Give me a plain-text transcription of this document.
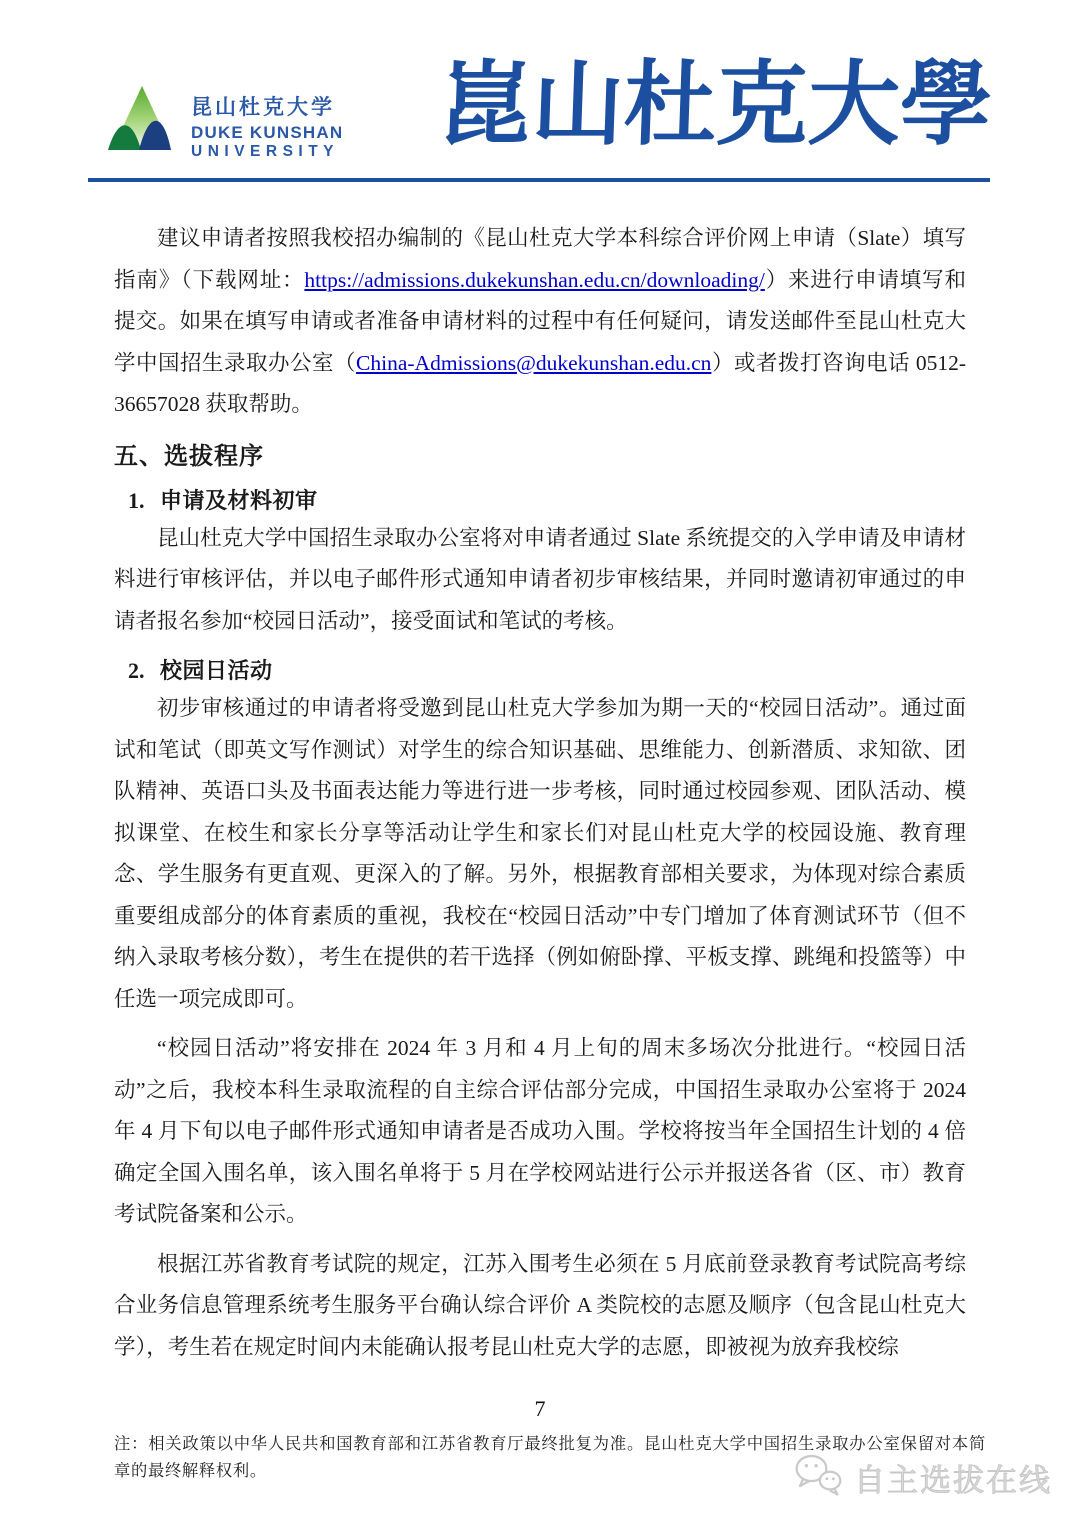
昆山杜克大学
DUKE KUNSHAN
UNIVERSITY 崑山杜克大學

建议申请者按照我校招办编制的《昆山杜克大学本科综合评价网上申请（Slate）填写指南》（下载网址：https://admissions.dukekunshan.edu.cn/downloading/）来进行申请填写和提交。如果在填写申请或者准备申请材料的过程中有任何疑问，请发送邮件至昆山杜克大学中国招生录取办公室（China-Admissions@dukekunshan.edu.cn）或者拨打咨询电话 0512-36657028 获取帮助。

五、选拔程序
1. 申请及材料初审

昆山杜克大学中国招生录取办公室将对申请者通过 Slate 系统提交的入学申请及申请材料进行审核评估，并以电子邮件形式通知申请者初步审核结果，并同时邀请初审通过的申请者报名参加“校园日活动”，接受面试和笔试的考核。

2. 校园日活动

初步审核通过的申请者将受邀到昆山杜克大学参加为期一天的“校园日活动”。通过面试和笔试（即英文写作测试）对学生的综合知识基础、思维能力、创新潜质、求知欲、团队精神、英语口头及书面表达能力等进行进一步考核，同时通过校园参观、团队活动、模拟课堂、在校生和家长分享等活动让学生和家长们对昆山杜克大学的校园设施、教育理念、学生服务有更直观、更深入的了解。另外，根据教育部相关要求，为体现对综合素质重要组成部分的体育素质的重视，我校在“校园日活动”中专门增加了体育测试环节（但不纳入录取考核分数），考生在提供的若干选择（例如俯卧撑、平板支撑、跳绳和投篮等）中任选一项完成即可。

“校园日活动”将安排在 2024 年 3 月和 4 月上旬的周末多场次分批进行。“校园日活动”之后，我校本科生录取流程的自主综合评估部分完成，中国招生录取办公室将于 2024 年 4 月下旬以电子邮件形式通知申请者是否成功入围。学校将按当年全国招生计划的 4 倍确定全国入围名单，该入围名单将于 5 月在学校网站进行公示并报送各省（区、市）教育考试院备案和公示。

根据江苏省教育考试院的规定，江苏入围考生必须在 5 月底前登录教育考试院高考综合业务信息管理系统考生服务平台确认综合评价 A 类院校的志愿及顺序（包含昆山杜克大学），考生若在规定时间内未能确认报考昆山杜克大学的志愿，即被视为放弃我校综

7
注：相关政策以中华人民共和国教育部和江苏省教育厅最终批复为准。昆山杜克大学中国招生录取办公室保留对本简章的最终解释权利。	自主选拔在线
